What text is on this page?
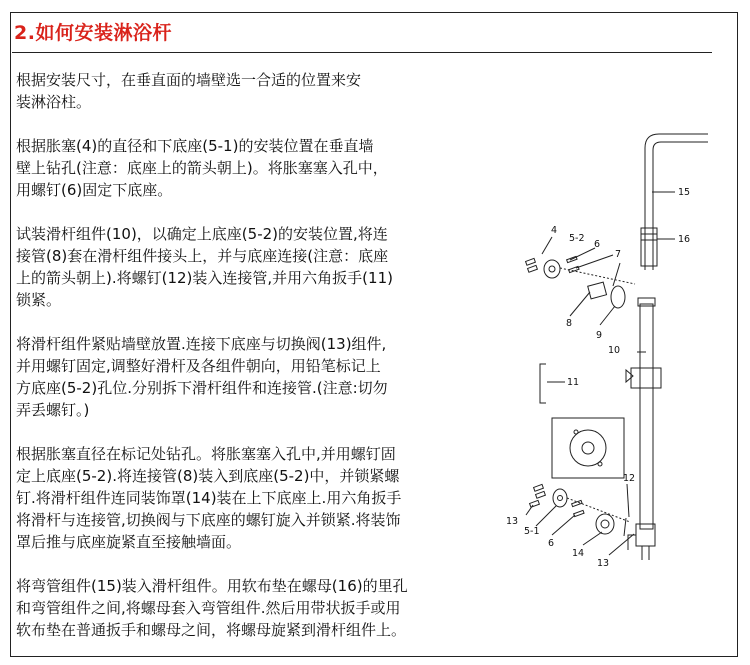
2.如何安装淋浴杆

根据安装尺寸，在垂直面的墙壁选一合适的位置来安
装淋浴柱。

根据胀塞(4)的直径和下底座(5-1)的安装位置在垂直墙
壁上钻孔(注意：底座上的箭头朝上)。将胀塞塞入孔中，
用螺钉(6)固定下底座。

试装滑杆组件(10)，以确定上底座(5-2)的安装位置,将连
接管(8)套在滑杆组件接头上，并与底座连接(注意：底座
上的箭头朝上).将螺钉(12)装入连接管,并用六角扳手(11)
锁紧。

将滑杆组件紧贴墙壁放置.连接下底座与切换阀(13)组件,
并用螺钉固定,调整好滑杆及各组件朝向，用铅笔标记上
方底座(5-2)孔位.分别拆下滑杆组件和连接管.(注意:切勿
弄丢螺钉。)

根据胀塞直径在标记处钻孔。将胀塞塞入孔中,并用螺钉固
定上底座(5-2).将连接管(8)装入到底座(5-2)中，并锁紧螺
钉.将滑杆组件连同装饰罩(14)装在上下底座上.用六角扳手
将滑杆与连接管,切换阀与下底座的螺钉旋入并锁紧.将装饰
罩后推与底座旋紧直至接触墙面。

将弯管组件(15)装入滑杆组件。用软布垫在螺母(16)的里孔
和弯管组件之间,将螺母套入弯管组件.然后用带状扳手或用
软布垫在普通扳手和螺母之间，将螺母旋紧到滑杆组件上。

15
16
4
5-2
6
7
8
9
10
11
12
13
5-1
6
14
13
